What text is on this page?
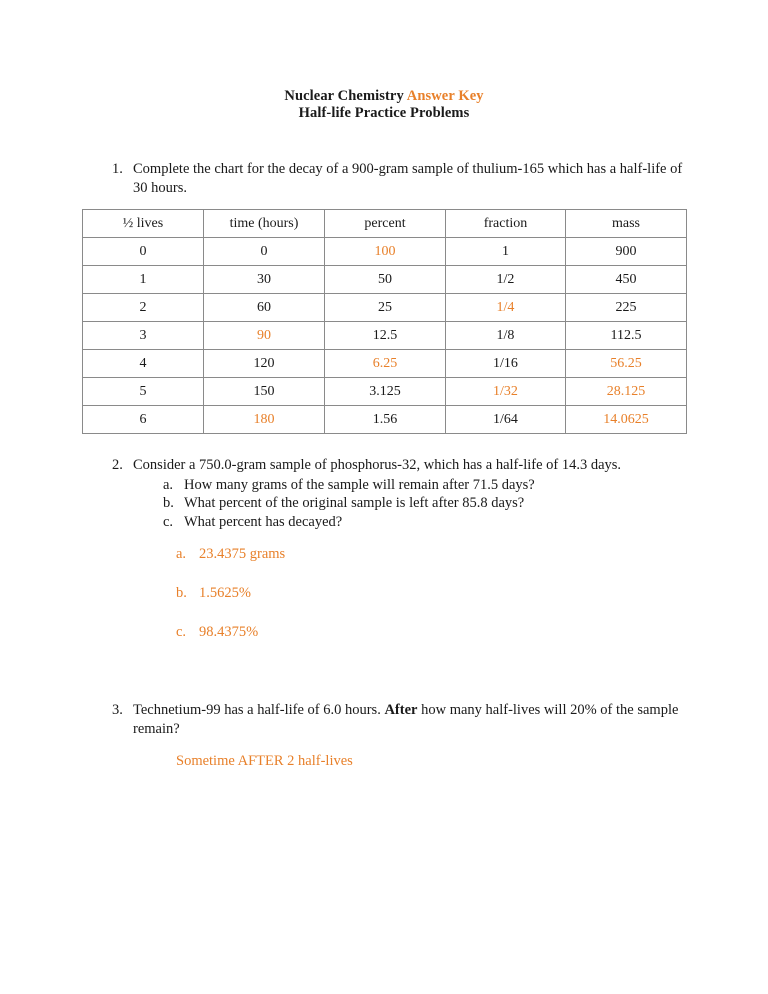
Nuclear Chemistry Answer Key
Half-life Practice Problems
1. Complete the chart for the decay of a 900-gram sample of thulium-165 which has a half-life of 30 hours.
½ lives	time (hours)	percent	fraction	mass
0	0	100	1	900
1	30	50	1/2	450
2	60	25	1/4	225
3	90	12.5	1/8	112.5
4	120	6.25	1/16	56.25
5	150	3.125	1/32	28.125
6	180	1.56	1/64	14.0625
2. Consider a 750.0-gram sample of phosphorus-32, which has a half-life of 14.3 days.
a. How many grams of the sample will remain after 71.5 days?
b. What percent of the original sample is left after 85.8 days?
c. What percent has decayed?
a. 23.4375 grams
b. 1.5625%
c. 98.4375%
3. Technetium-99 has a half-life of 6.0 hours. After how many half-lives will 20% of the sample remain?
Sometime AFTER 2 half-lives
